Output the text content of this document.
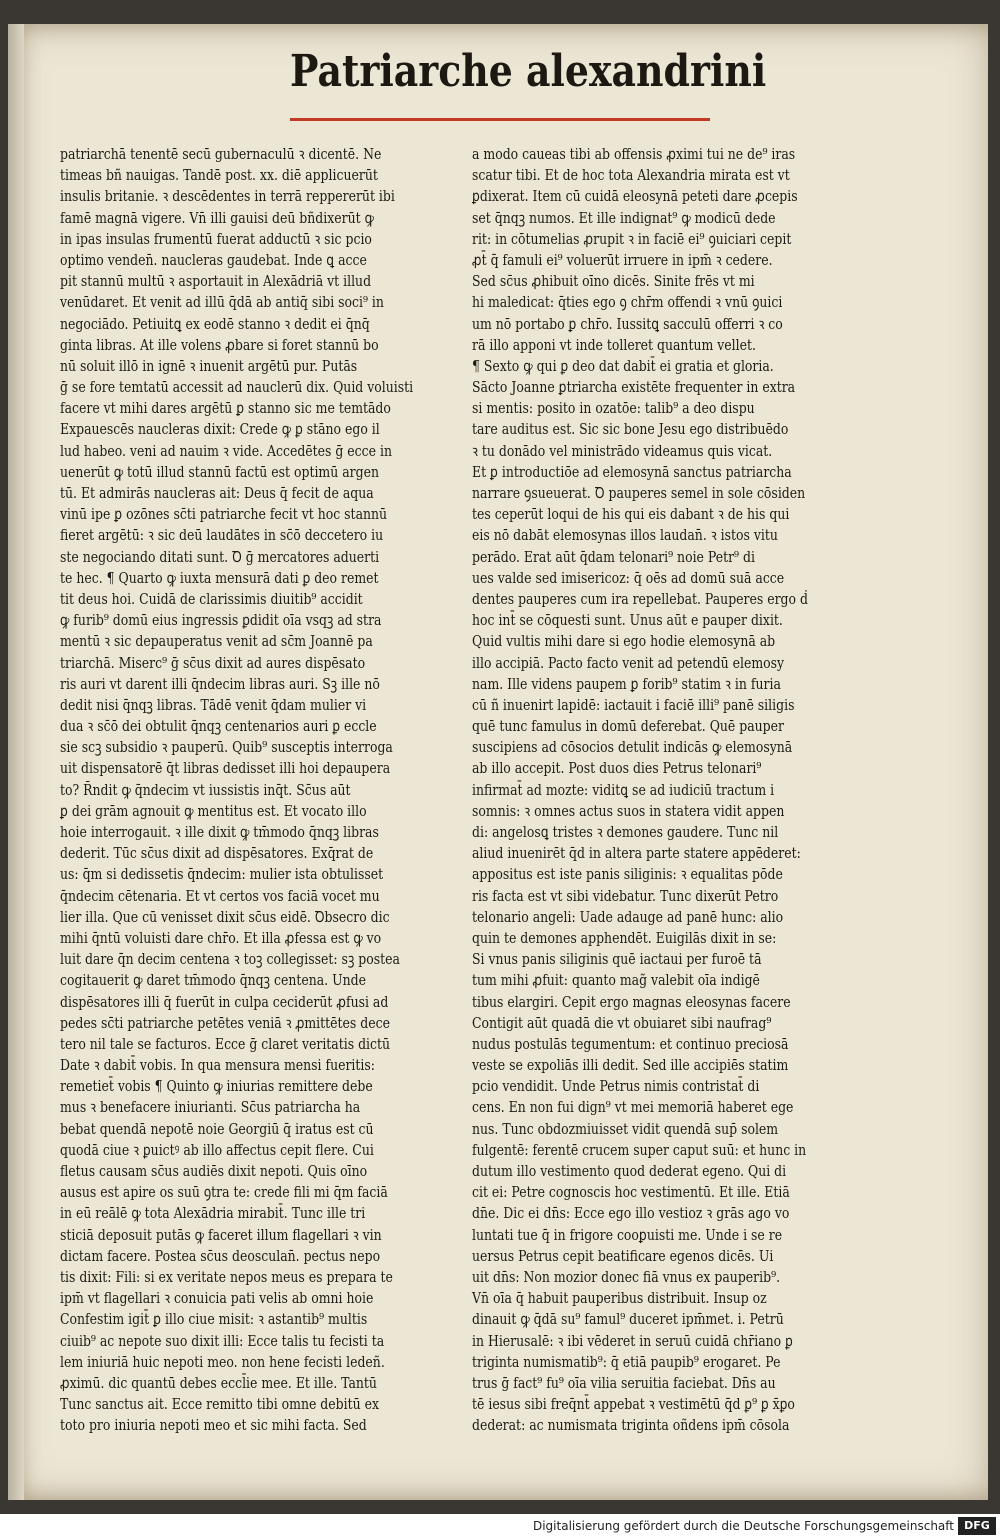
Patriarche alexandrini
patriarchā tenentē secū gubernaculū ꝛ dicentē. Ne
timeas bñ nauigas. Tandē post. xx. diē applicuerūt
insulis britanie. ꝛ descēdentes in terrā reppererūt ibi
famē magnā vigere. Vn̄ illi gauisi deū bñdixerūt ꝙ
in ipas insulas frumentū fuerat adductū ꝛ sic pcio
optimo venden̄. naucleras gaudebat. Inde ꝗ acce
pit stannū multū ꝛ asportauit in Alexādriā vt illud
venūdaret. Et venit ad illū q̄dā ab antiq̄ sibi soci⁹ in
negociādo. Petiuitꝗ ex eodē stanno ꝛ dedit ei q̄nq̄
ginta libras. At ille volens ꝓbare si foret stannū bo
nū soluit illō in ignē ꝛ inuenit argētū pur. Putās
ḡ se fore temtatū accessit ad nauclerū dix. Quid voluisti
facere vt mihi dares argētū ꝑ stanno sic me temtādo
Expauescēs naucleras dixit: Crede ꝙ ꝑ stāno ego il
lud habeo. veni ad nauim ꝛ vide. Accedētes ḡ ecce in
uenerūt ꝙ totū illud stannū factū est optimū argen
tū. Et admirās naucleras ait: Deus q̄ fecit de aqua
vinū ipe ꝑ ozōnes sc̄ti patriarche fecit vt hoc stannū
fieret argētū: ꝛ sic deū laudātes in sc̄ō deccetero iu
ste negociando ditati sunt. Ꝺ ḡ mercatores aduerti
te hec. ¶ Quarto ꝙ iuxta mensurā dati ꝑ deo remet
tit deus hoi. Cuidā de clarissimis diuitib⁹ accidit
ꝙ furib⁹ domū eius ingressis ꝑdidit oīa vsqꝫ ad stra
mentū ꝛ sic depauperatus venit ad sc̄m Joannē pa
triarchā. Miserc⁹ ḡ sc̄us dixit ad aures dispēsato
ris auri vt darent illi q̄ndecim libras auri. Sꝫ ille nō
dedit nisi q̄nqꝫ libras. Tādē venit q̄dam mulier vi
dua ꝛ sc̄ō dei obtulit q̄nqꝫ centenarios auri ꝑ eccle
sie scꝫ subsidio ꝛ pauperū. Quib⁹ susceptis interroga
uit dispensatorē q̄t libras dedisset illi hoi depaupera
to? R̄ndit ꝙ q̄ndecim vt iussistis inq̄t. Sc̄us aūt
ꝑ dei grām agnouit ꝙ mentitus est. Et vocato illo
hoie interrogauit. ꝛ ille dixit ꝙ tm̄modo q̄nqꝫ libras
dederit. Tūc sc̄us dixit ad dispēsatores. Exq̄rat de
us: q̄m si dedissetis q̄ndecim: mulier ista obtulisset
q̄ndecim cētenaria. Et vt certos vos faciā vocet mu
lier illa. Que cū venisset dixit sc̄us eidē. Ꝺbsecro dic
mihi q̄ntū voluisti dare chr̄o. Et illa ꝓfessa est ꝙ vo
luit dare q̄n decim centena ꝛ toꝫ collegisset: sꝫ postea
cogitauerit ꝙ daret tm̄modo q̄nqꝫ centena. Unde
dispēsatores illi q̄ fuerūt in culpa ceciderūt ꝓfusi ad
pedes sc̄ti patriarche petētes veniā ꝛ ꝓmittētes dece
tero nil tale se facturos. Ecce ḡ claret veritatis dictū
Date ꝛ dabit̄ vobis. In qua mensura mensi fueritis:
remetiet̄ vobis ¶ Quinto ꝙ iniurias remittere debe
mus ꝛ benefacere iniurianti. Sc̄us patriarcha ha
bebat quendā nepotē noie Georgiū q̄ iratus est cū
quodā ciue ꝛ ꝑuictꝰ ab illo affectus cepit flere. Cui
fletus causam sc̄us audiēs dixit nepoti. Quis oīno
ausus est apire os suū ꝯtra te: crede fili mi q̄m faciā
in eū reālē ꝙ tota Alexādria mirabit̄. Tunc ille tri
sticiā deposuit putās ꝙ faceret illum flagellari ꝛ vin
dictam facere. Postea sc̄us deosculan̄. pectus nepo
tis dixit: Fili: si ex veritate nepos meus es prepara te
ipm̄ vt flagellari ꝛ conuicia pati velis ab omni hoie
Confestim igit̄ ꝑ illo ciue misit: ꝛ astantib⁹ multis
ciuib⁹ ac nepote suo dixit illi: Ecce talis tu fecisti ta
lem iniuriā huic nepoti meo. non hene fecisti ledeñ.
ꝓximū. dic quantū debes eccl̄ie mee. Et ille. Tantū
Tunc sanctus ait. Ecce remitto tibi omne debitū ex
toto pro iniuria nepoti meo et sic mihi facta. Sed
a modo caueas tibi ab offensis ꝓximi tui ne de⁹ iras
scatur tibi. Et de hoc tota Alexandria mirata est vt
ꝑdixerat. Item cū cuidā eleosynā peteti dare ꝓcepis
set q̄nqꝫ numos. Et ille indignat⁹ ꝙ modicū dede
rit: in cōtumelias ꝓrupit ꝛ in faciē ei⁹ ꝯuiciari cepit
ꝓt̄ q̄ famuli ei⁹ voluerūt irruere in ipm̄ ꝛ cedere.
Sed sc̄us ꝓhibuit oīno dicēs. Sinite frēs vt mi
hi maledicat: q̄ties ego ꝯ chr̄m offendi ꝛ vnū ꝯuici
um nō portabo ꝑ chr̄o. Iussitꝗ sacculū offerri ꝛ co
rā illo apponi vt inde tolleret quantum vellet.
¶ Sexto ꝙ qui ꝑ deo dat dabit̄ ei gratia et gloria.
Sācto Joanne ꝑtriarcha existēte frequenter in extra
si mentis: posito in ozatōe: talib⁹ a deo dispu
tare auditus est. Sic sic bone Jesu ego distribuēdo
ꝛ tu donādo vel ministrādo videamus quis vicat.
Et ꝑ introductiōe ad elemosynā sanctus patriarcha
narrare ꝯsueuerat. Ꝺ pauperes semel in sole cōsiden
tes ceperūt loqui de his qui eis dabant ꝛ de his qui
eis nō dabāt elemosynas illos laudan̄. ꝛ istos vitu
perādo. Erat aūt q̄dam telonari⁹ noie Petr⁹ di
ues valde sed imisericoz: q̄ oēs ad domū suā acce
dentes pauperes cum ira repellebat. Pauperes ergo ḋ
hoc int̄ se cōquesti sunt. Unus aūt e pauper dixit.
Quid vultis mihi dare si ego hodie elemosynā ab
illo accipiā. Pacto facto venit ad petendū elemosy
nam. Ille videns paupem ꝑ forib⁹ statim ꝛ in furia
cū ñ inuenirt lapidē: iactauit i faciē illi⁹ panē siligis
quē tunc famulus in domū deferebat. Quē pauper
suscipiens ad cōsocios detulit indicās ꝙ elemosynā
ab illo accepit. Post duos dies Petrus telonari⁹
infirmat̄ ad mozte: viditꝗ se ad iudiciū tractum i
somnis: ꝛ omnes actus suos in statera vidit appen
di: angelosꝗ tristes ꝛ demones gaudere. Tunc nil
aliud inuenirēt q̄d in altera parte statere appēderet:
appositus est iste panis siliginis: ꝛ equalitas pōde
ris facta est vt sibi videbatur. Tunc dixerūt Petro
telonario angeli: Uade adauge ad panē hunc: alio
quin te demones apphendēt. Euigilās dixit in se:
Si vnus panis siliginis quē iactaui per furoē tā
tum mihi ꝓfuit: quanto mag̃ valebit oīa indigē
tibus elargiri. Cepit ergo magnas eleosynas facere
Contigit aūt quadā die vt obuiaret sibi naufrag⁹
nudus postulās tegumentum: et continuo preciosā
veste se expoliās illi dedit. Sed ille accipiēs statim
pcio vendidit. Unde Petrus nimis contristat̄ di
cens. En non fui dign⁹ vt mei memoriā haberet ege
nus. Tunc obdozmiuisset vidit quendā sup̄ solem
fulgentē: ferentē crucem super caput suū: et hunc in
dutum illo vestimento quod dederat egeno. Qui di
cit ei: Petre cognoscis hoc vestimentū. Et ille. Etiā
dn̄e. Dic ei dn̄s: Ecce ego illo vestioz ꝛ grās ago vo
luntati tue q̄ in frigore cooꝑuisti me. Unde i se re
uersus Petrus cepit beatificare egenos dicēs. Ui
uit dn̄s: Non mozior donec fiā vnus ex pauperib⁹.
Vn̄ oīa q̄ habuit pauperibus distribuit. Insup oz
dinauit ꝙ q̄dā su⁹ famul⁹ duceret ipm̄met. i. Petrū
in Hierusalē: ꝛ ibi vēderet in seruū cuidā chr̄iano ꝑ
triginta numismatib⁹: q̄ etiā paupib⁹ erogaret. Pe
trus ḡ fact⁹ fu⁹ oīa vilia seruitia faciebat. Dn̄s au
tē iesus sibi freq̄nt̄ appebat ꝛ vestimētū q̄d ꝑ⁹ ꝑ x̄ꝑo
dederat: ac numismata triginta oñdens ipm̄ cōsola
Digitalisierung gefördert durch die Deutsche Forschungsgemeinschaft DFG
